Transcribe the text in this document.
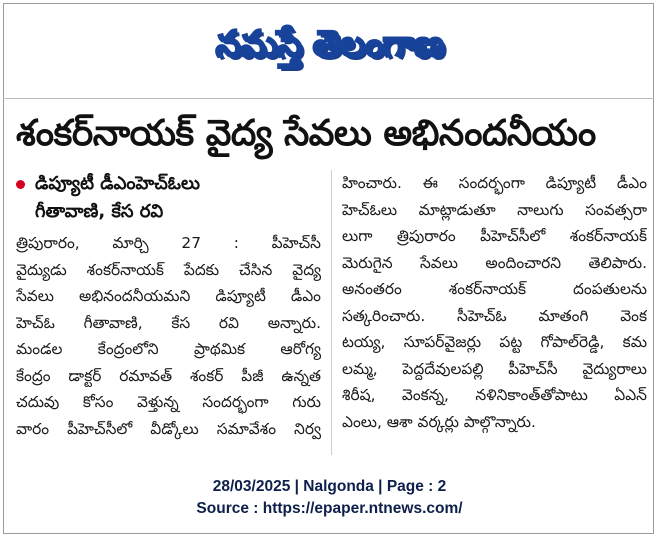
నమస్తే తెలంగాణ
శంకర్‌నాయక్ వైద్య సేవలు అభినందనీయం
డిప్యూటీ డీఎంహెచ్‌ఓలు
గీతావాణి, కేస రవి
త్రిపురారం, మార్చి 27 : పీహెచ్‌సీ
వైద్యుడు శంకర్‌నాయక్ పేదకు చేసిన వైద్య
సేవలు అభినందనీయమని డిప్యూటీ డీఎం
హెచ్‌ఓ గీతావాణి, కేస రవి అన్నారు.
మండల కేంద్రంలోని ప్రాథమిక ఆరోగ్య
కేంద్రం డాక్టర్ రమావత్ శంకర్ పీజీ ఉన్నత
చదువు కోసం వెళ్తున్న సందర్భంగా గురు
వారం పీహెచ్‌సీలో వీడ్కోలు సమావేశం నిర్వ
హించారు. ఈ సందర్భంగా డిప్యూటీ డీఎం
హెచ్‌ఓలు మాట్లాడుతూ నాలుగు సంవత్సరా
లుగా త్రిపురారం పీహెచ్‌సీలో శంకర్‌నాయక్
మెరుగైన సేవలు అందించారని తెలిపారు.
అనంతరం శంకర్‌నాయక్ దంపతులను
సత్కరించారు. సీహెచ్‌ఓ మాతంగి వెంక
టయ్య, సూపర్‌వైజర్లు పట్ట గోపాల్‌రెడ్డి, కమ
లమ్మ, పెద్దదేవులపల్లి పీహెచ్‌సీ వైద్యురాలు
శిరీష, వెంకన్న, నళినికాంత్‌తోపాటు ఏఎన్
ఎంలు, ఆశా వర్కర్లు పాల్గొన్నారు.
28/03/2025 | Nalgonda | Page : 2
Source : https://epaper.ntnews.com/
